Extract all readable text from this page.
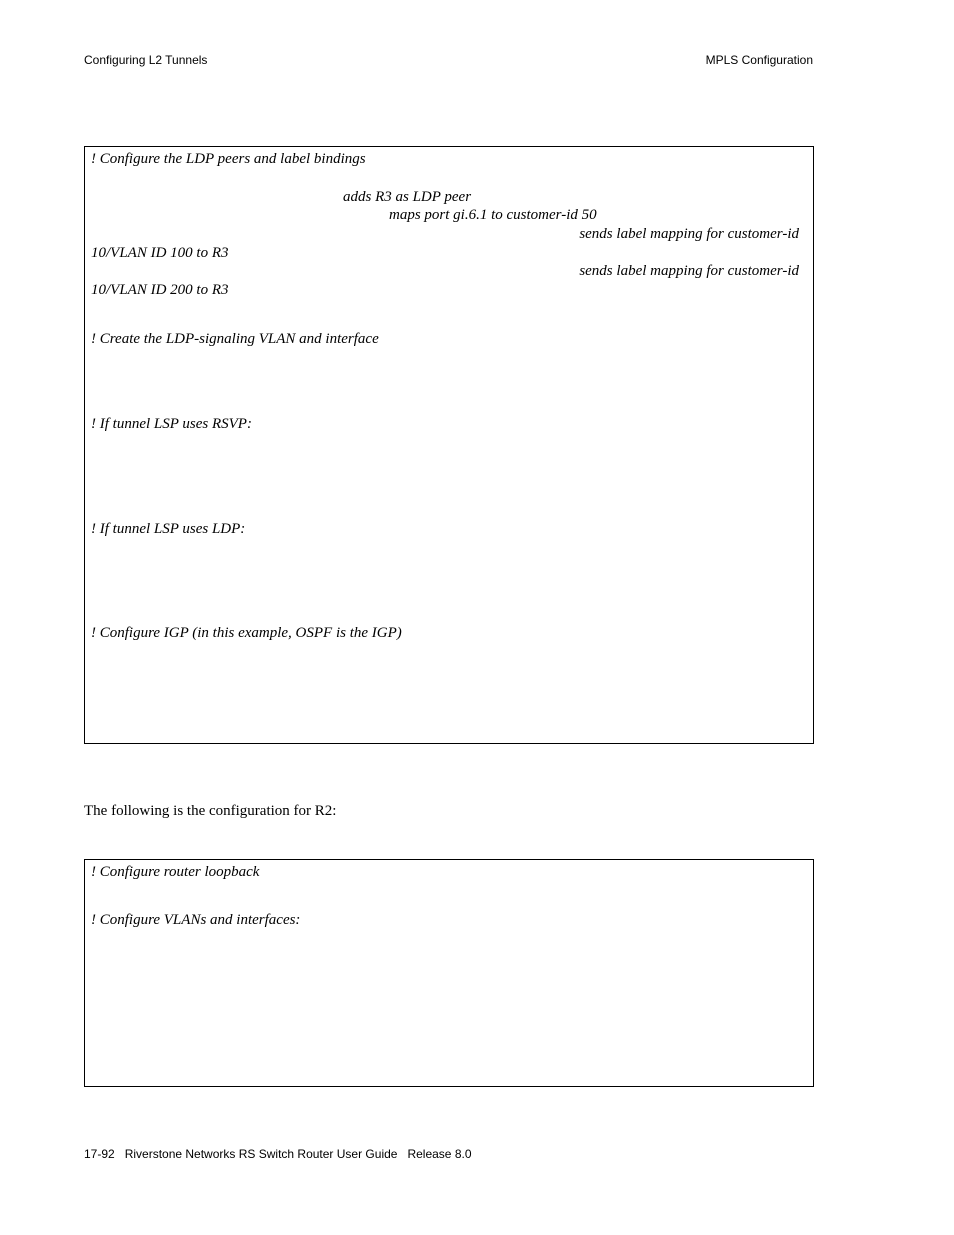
Configuring L2 Tunnels	MPLS Configuration
! Configure the LDP peers and label bindings
adds R3 as LDP peer
maps port gi.6.1 to customer-id 50
sends label mapping for customer-id
10/VLAN ID 100 to R3
sends label mapping for customer-id
10/VLAN ID 200 to R3
! Create the LDP-signaling VLAN and interface
! If tunnel LSP uses RSVP:
! If tunnel LSP uses LDP:
! Configure IGP (in this example, OSPF is the IGP)
The following is the configuration for R2:
! Configure router loopback
! Configure VLANs and interfaces:
17-92   Riverstone Networks RS Switch Router User Guide   Release 8.0
